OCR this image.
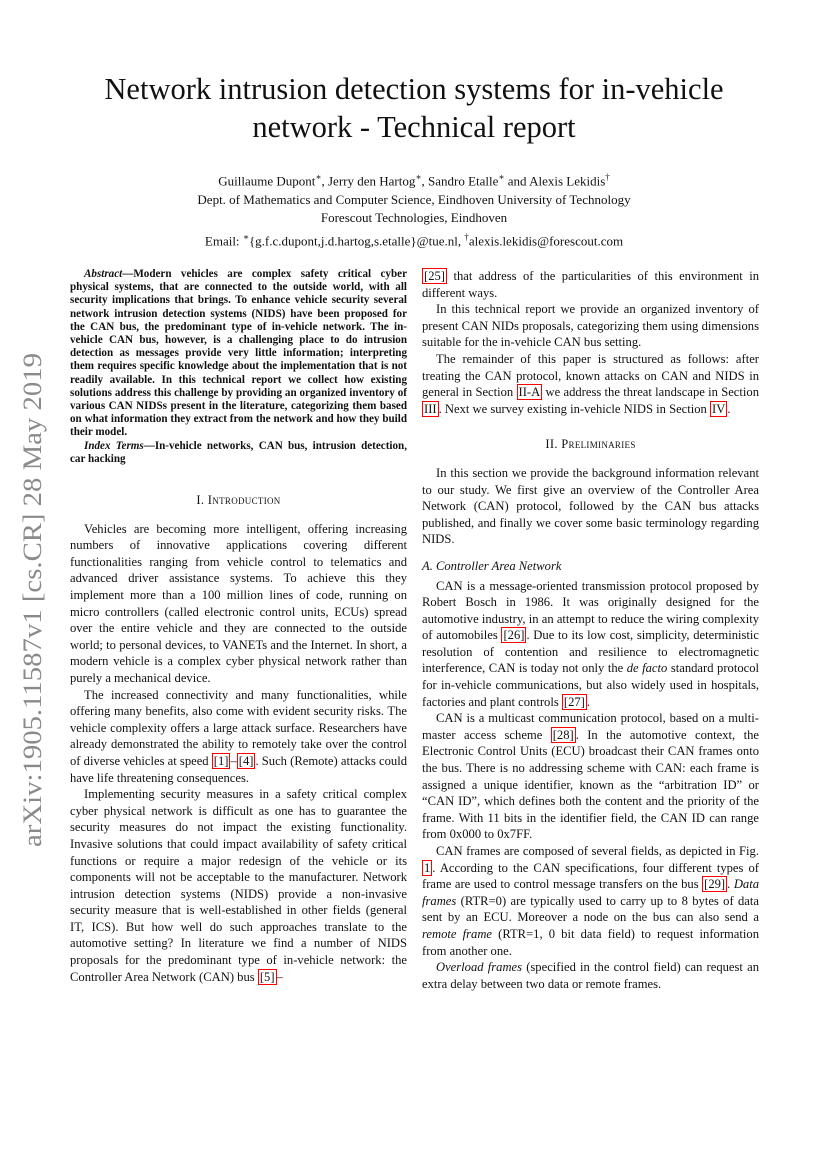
arXiv:1905.11587v1 [cs.CR] 28 May 2019
Network intrusion detection systems for in-vehicle
network - Technical report
Guillaume Dupont∗, Jerry den Hartog∗, Sandro Etalle∗ and Alexis Lekidis†
Dept. of Mathematics and Computer Science, Eindhoven University of Technology
Forescout Technologies, Eindhoven
Email: ∗{g.f.c.dupont,j.d.hartog,s.etalle}@tue.nl, †alexis.lekidis@forescout.com

Abstract—Modern vehicles are complex safety critical cyber physical systems, that are connected to the outside world, with all security implications that brings. To enhance vehicle security several network intrusion detection systems (NIDS) have been proposed for the CAN bus, the predominant type of in-vehicle network. The in-vehicle CAN bus, however, is a challenging place to do intrusion detection as messages provide very little information; interpreting them requires specific knowledge about the implementation that is not readily available. In this technical report we collect how existing solutions address this challenge by providing an organized inventory of various CAN NIDSs present in the literature, categorizing them based on what information they extract from the network and how they build their model.

Index Terms—In-vehicle networks, CAN bus, intrusion detection, car hacking

I. Introduction

Vehicles are becoming more intelligent, offering increasing numbers of innovative applications covering different functionalities ranging from vehicle control to telematics and advanced driver assistance systems. To achieve this they implement more than a 100 million lines of code, running on micro controllers (called electronic control units, ECUs) spread over the entire vehicle and they are connected to the outside world; to personal devices, to VANETs and the Internet. In short, a modern vehicle is a complex cyber physical network rather than purely a mechanical device.

The increased connectivity and many functionalities, while offering many benefits, also come with evident security risks. The vehicle complexity offers a large attack surface. Researchers have already demonstrated the ability to remotely take over the control of diverse vehicles at speed [1] – [4] . Such (Remote) attacks could have life threatening consequences.

Implementing security measures in a safety critical complex cyber physical network is difficult as one has to guarantee the security measures do not impact the existing functionality. Invasive solutions that could impact availability of safety critical functions or require a major redesign of the vehicle or its components will not be acceptable to the manufacturer. Network intrusion detection systems (NIDS) provide a non-invasive security measure that is well-established in other fields (general IT, ICS). But how well do such approaches translate to the automotive setting? In literature we find a number of NIDS proposals for the predominant type of in-vehicle network: the Controller Area Network (CAN) bus [5] –

[25] that address of the particularities of this environment in different ways.

In this technical report we provide an organized inventory of present CAN NIDs proposals, categorizing them using dimensions suitable for the in-vehicle CAN bus setting.

The remainder of this paper is structured as follows: after treating the CAN protocol, known attacks on CAN and NIDS in general in Section II-A we address the threat landscape in Section III . Next we survey existing in-vehicle NIDS in Section IV .

II. Preliminaries

In this section we provide the background information relevant to our study. We first give an overview of the Controller Area Network (CAN) protocol, followed by the CAN bus attacks published, and finally we cover some basic terminology regarding NIDS.

A. Controller Area Network

CAN is a message-oriented transmission protocol proposed by Robert Bosch in 1986. It was originally designed for the automotive industry, in an attempt to reduce the wiring complexity of automobiles [26] . Due to its low cost, simplicity, deterministic resolution of contention and resilience to electromagnetic interference, CAN is today not only the de facto standard protocol for in-vehicle communications, but also widely used in hospitals, factories and plant controls [27] .

CAN is a multicast communication protocol, based on a multi-master access scheme [28] . In the automotive context, the Electronic Control Units (ECU) broadcast their CAN frames onto the bus. There is no addressing scheme with CAN: each frame is assigned a unique identifier, known as the “arbitration ID” or “CAN ID”, which defines both the content and the priority of the frame. With 11 bits in the identifier field, the CAN ID can range from 0x000 to 0x7FF.

CAN frames are composed of several fields, as depicted in Fig. 1 . According to the CAN specifications, four different types of frame are used to control message transfers on the bus [29] . Data frames (RTR=0) are typically used to carry up to 8 bytes of data sent by an ECU. Moreover a node on the bus can also send a remote frame (RTR=1, 0 bit data field) to request information from another one.

Overload frames (specified in the control field) can request an extra delay between two data or remote frames.
